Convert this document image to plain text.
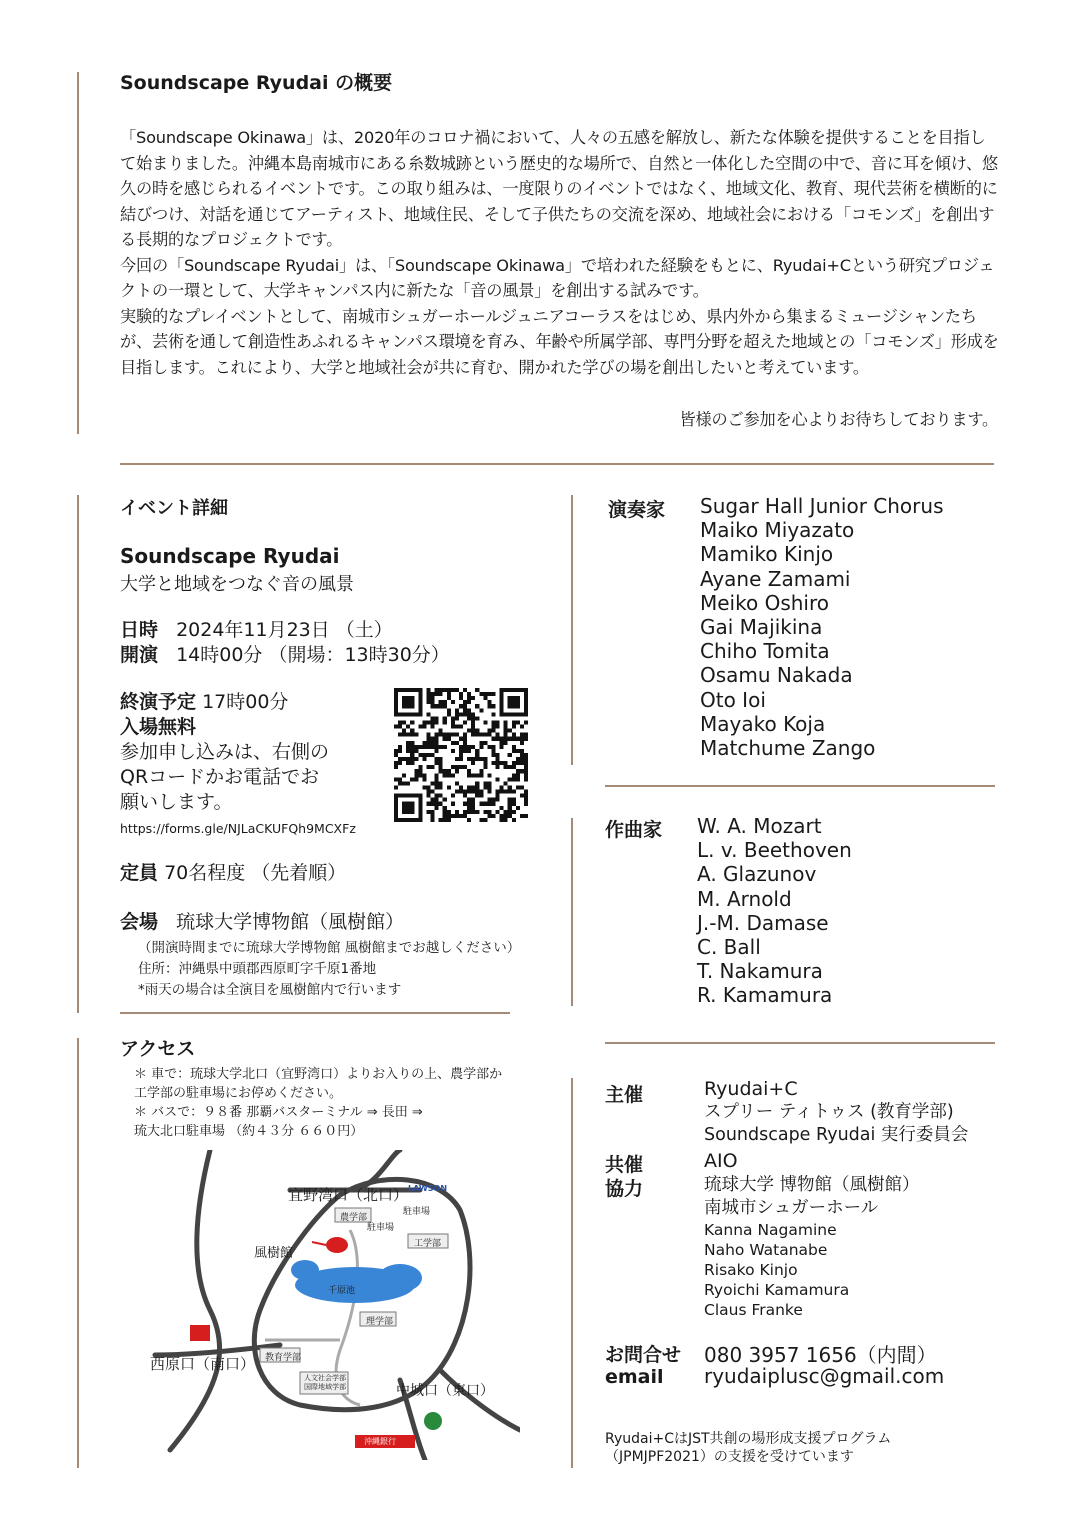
Soundscape Ryudai の概要

「Soundscape Okinawa」は、2020年のコロナ禍において、人々の五感を解放し、新たな体験を提供することを目指して始まりました。沖縄本島南城市にある糸数城跡という歴史的な場所で、自然と一体化した空間の中で、音に耳を傾け、悠久の時を感じられるイベントです。この取り組みは、一度限りのイベントではなく、地域文化、教育、現代芸術を横断的に結びつけ、対話を通じてアーティスト、地域住民、そして子供たちの交流を深め、地域社会における「コモンズ」を創出する長期的なプロジェクトです。

今回の「Soundscape Ryudai」は、「Soundscape Okinawa」で培われた経験をもとに、Ryudai+Cという研究プロジェクトの一環として、大学キャンパス内に新たな「音の風景」を創出する試みです。

実験的なプレイベントとして、南城市シュガーホールジュニアコーラスをはじめ、県内外から集まるミュージシャンたちが、芸術を通して創造性あふれるキャンパス環境を育み、年齢や所属学部、専門分野を超えた地域との「コモンズ」形成を目指します。これにより、大学と地域社会が共に育む、開かれた学びの場を創出したいと考えています。

皆様のご参加を心よりお待ちしております。
イベント詳細
Soundscape Ryudai
大学と地域をつなぐ音の風景
日時 2024年11月23日 （土）
開演 14時00分 （開場：13時30分）
終演予定 17時00分
入場無料
参加申し込みは、右側のQRコードかお電話でお願いします。
https://forms.gle/NJLaCKUFQh9MCXFz
定員 70名程度 （先着順）
会場 琉球大学博物館（風樹館）
（開演時間までに琉球大学博物館 風樹館までお越しください）
住所：沖縄県中頭郡西原町字千原1番地
*雨天の場合は全演目を風樹館内で行います
アクセス
＊ 車で：琉球大学北口（宜野湾口）よりお入りの上、農学部か工学部の駐車場にお停めください。
＊ バスで：９８番 那覇バスターミナル ⇒ 長田 ⇒
琉大北口駐車場 （約４３分 ６６０円）
宜野湾口（北口） LAWSON
駐車場
駐車場
農学部
工学部
風樹館
千原池
理学部
教育学部
人文社会学部 国際地域学部
西原口（南口）
中城口（東口）
沖縄銀行
演奏家	Sugar Hall Junior Chorus
Maiko Miyazato
Mamiko Kinjo
Ayane Zamami
Meiko Oshiro
Gai Majikina
Chiho Tomita
Osamu Nakada
Oto Ioi
Mayako Koja
Matchume Zango
作曲家	W. A. Mozart
L. v. Beethoven
A. Glazunov
M. Arnold
J.-M. Damase
C. Ball
T. Nakamura
R. Kamamura
主催	Ryudai+C
スプリー ティトゥス (教育学部)
Soundscape Ryudai 実行委員会
共催	AIO
協力	琉球大学 博物館（風樹館）
南城市シュガーホール
Kanna Nagamine
Naho Watanabe
Risako Kinjo
Ryoichi Kamamura
Claus Franke
お問合せ 080 3957 1656（内間）
email ryudaiplusc@gmail.com
Ryudai+CはJST共創の場形成支援プログラム
（JPMJPF2021）の支援を受けています
